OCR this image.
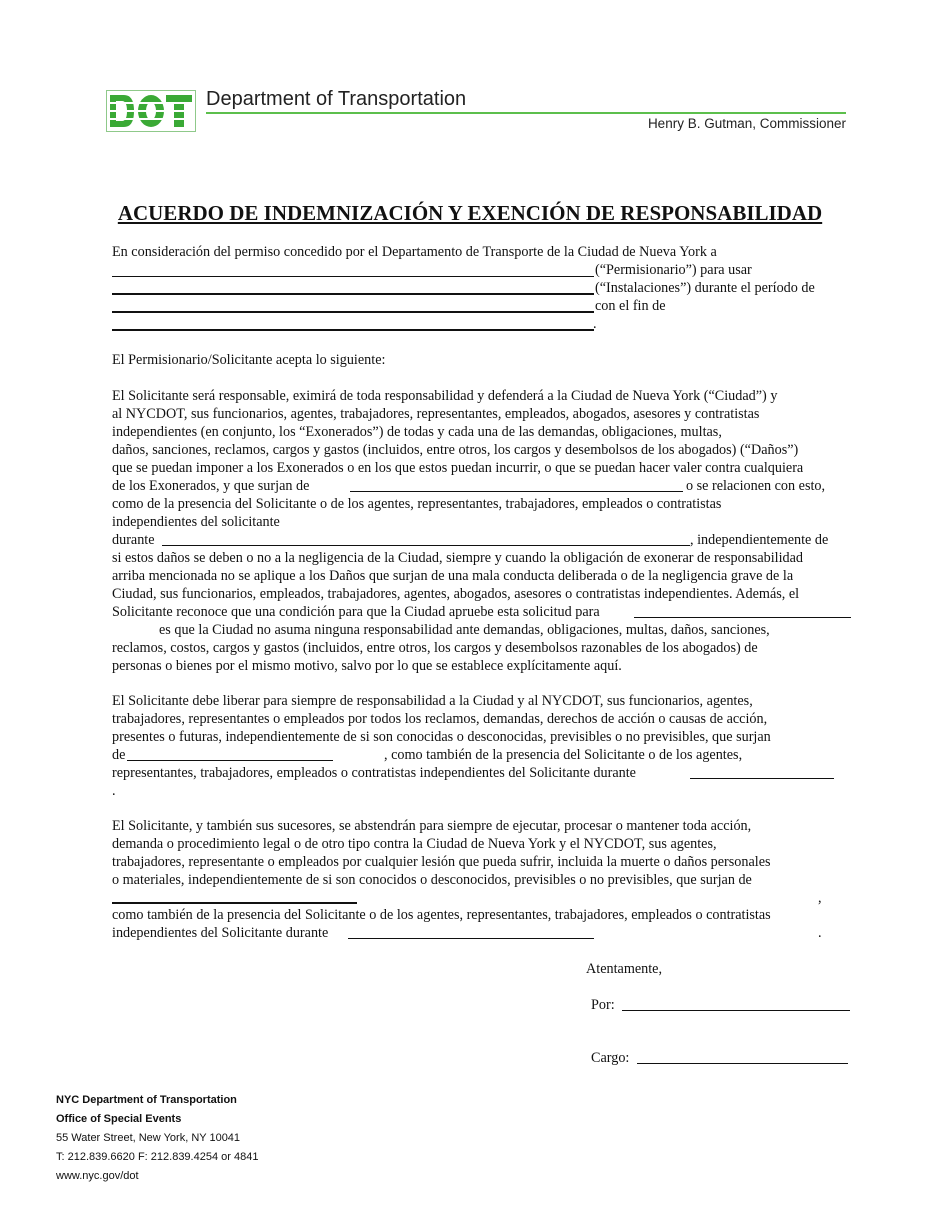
Department of Transportation
Henry B. Gutman, Commissioner
ACUERDO DE INDEMNIZACIÓN Y EXENCIÓN DE RESPONSABILIDAD
En consideración del permiso concedido por el Departamento de Transporte de la Ciudad de Nueva York a
(“Permisionario”) para usar
(“Instalaciones”) durante el período de
con el fin de
.
El Permisionario/Solicitante acepta lo siguiente:
El Solicitante será responsable, eximirá de toda responsabilidad y defenderá a la Ciudad de Nueva York (“Ciudad”) y
al NYCDOT, sus funcionarios, agentes, trabajadores, representantes, empleados, abogados, asesores y contratistas
independientes (en conjunto, los “Exonerados”) de todas y cada una de las demandas, obligaciones, multas,
daños, sanciones, reclamos, cargos y gastos (incluidos, entre otros, los cargos y desembolsos de los abogados) (“Daños”)
que se puedan imponer a los Exonerados o en los que estos puedan incurrir, o que se puedan hacer valer contra cualquiera
de los Exonerados, y que surjan de	o se relacionen con esto,
como de la presencia del Solicitante o de los agentes, representantes, trabajadores, empleados o contratistas
independientes del solicitante
durante	, independientemente de
si estos daños se deben o no a la negligencia de la Ciudad, siempre y cuando la obligación de exonerar de responsabilidad
arriba mencionada no se aplique a los Daños que surjan de una mala conducta deliberada o de la negligencia grave de la
Ciudad, sus funcionarios, empleados, trabajadores, agentes, abogados, asesores o contratistas independientes. Además, el
Solicitante reconoce que una condición para que la Ciudad apruebe esta solicitud para
es que la Ciudad no asuma ninguna responsabilidad ante demandas, obligaciones, multas, daños, sanciones,
reclamos, costos, cargos y gastos (incluidos, entre otros, los cargos y desembolsos razonables de los abogados) de
personas o bienes por el mismo motivo, salvo por lo que se establece explícitamente aquí.
El Solicitante debe liberar para siempre de responsabilidad a la Ciudad y al NYCDOT, sus funcionarios, agentes,
trabajadores, representantes o empleados por todos los reclamos, demandas, derechos de acción o causas de acción,
presentes o futuras, independientemente de si son conocidas o desconocidas, previsibles o no previsibles, que surjan
de	, como también de la presencia del Solicitante o de los agentes,
representantes, trabajadores, empleados o contratistas independientes del Solicitante durante
.
El Solicitante, y también sus sucesores, se abstendrán para siempre de ejecutar, procesar o mantener toda acción,
demanda o procedimiento legal o de otro tipo contra la Ciudad de Nueva York y el NYCDOT, sus agentes,
trabajadores, representante o empleados por cualquier lesión que pueda sufrir, incluida la muerte o daños personales
o materiales, independientemente de si son conocidos o desconocidos, previsibles o no previsibles, que surjan de
,
como también de la presencia del Solicitante o de los agentes, representantes, trabajadores, empleados o contratistas
independientes del Solicitante durante	.
Atentamente,
Por:
Cargo:
NYC Department of Transportation
Office of Special Events
55 Water Street, New York, NY 10041
T: 212.839.6620 F: 212.839.4254 or 4841
www.nyc.gov/dot
